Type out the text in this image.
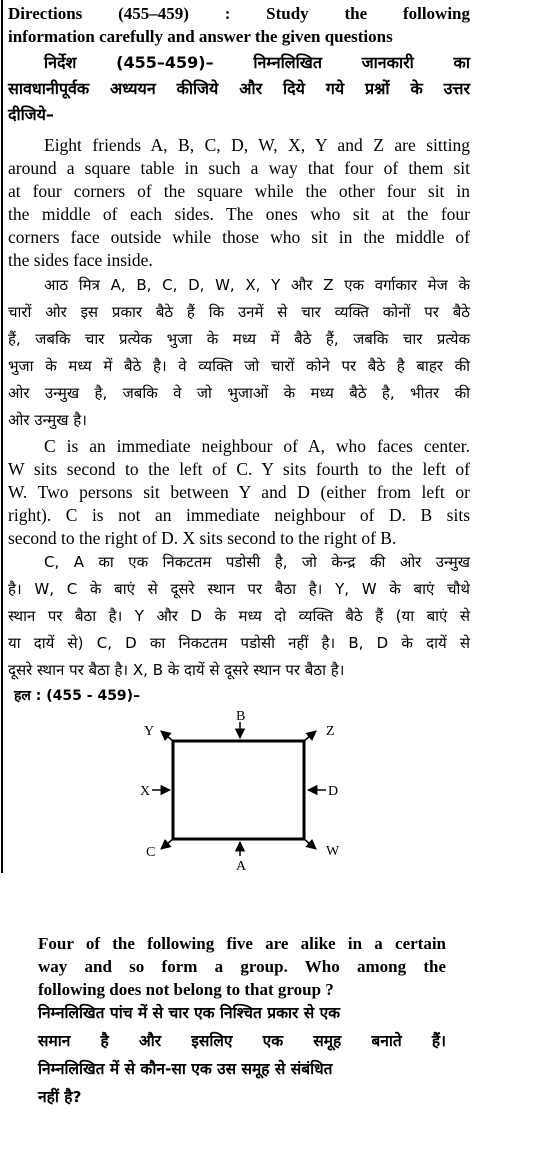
Directions (455–459) : Study the following
information carefully and answer the given questions
निर्देश (455–459)– निम्नलिखित जानकारी का
सावधानीपूर्वक अध्ययन कीजिये और दिये गये प्रश्नों के उत्तर
दीजिये–
Eight friends A, B, C, D, W, X, Y and Z are sitting
around a square table in such a way that four of them sit
at four corners of the square while the other four sit in
the middle of each sides. The ones who sit at the four
corners face outside while those who sit in the middle of
the sides face inside.
आठ मित्र A, B, C, D, W, X, Y और Z एक वर्गाकार मेज के
चारों ओर इस प्रकार बैठे हैं कि उनमें से चार व्यक्ति कोनों पर बैठे
हैं, जबकि चार प्रत्येक भुजा के मध्य में बैठे हैं, जबकि चार प्रत्येक
भुजा के मध्य में बैठे है। वे व्यक्ति जो चारों कोने पर बैठे है बाहर की
ओर उन्मुख है, जबकि वे जो भुजाओं के मध्य बैठे है, भीतर की
ओर उन्मुख है।
C is an immediate neighbour of A, who faces center.
W sits second to the left of C. Y sits fourth to the left of
W. Two persons sit between Y and D (either from left or
right). C is not an immediate neighbour of D. B sits
second to the right of D. X sits second to the right of B.
C, A का एक निकटतम पडोसी है, जो केन्द्र की ओर उन्मुख
है। W, C के बाएं से दूसरे स्थान पर बैठा है। Y, W के बाएं चौथे
स्थान पर बैठा है। Y और D के मध्य दो व्यक्ति बैठे हैं (या बाएं से
या दायें से) C, D का निकटतम पडोसी नहीं है। B, D के दायें से
दूसरे स्थान पर बैठा है। X, B के दायें से दूसरे स्थान पर बैठा है।
हल : (455 - 459)–
B
A
X	D
Y	Z
C	W
Four of the following five are alike in a certain
way and so form a group. Who among the
following does not belong to that group ?
निम्नलिखित पांच में से चार एक निश्चित प्रकार से एक
समान है और इसलिए एक समूह बनाते हैं।
निम्नलिखित में से कौन-सा एक उस समूह से संबंधित
नहीं है?
